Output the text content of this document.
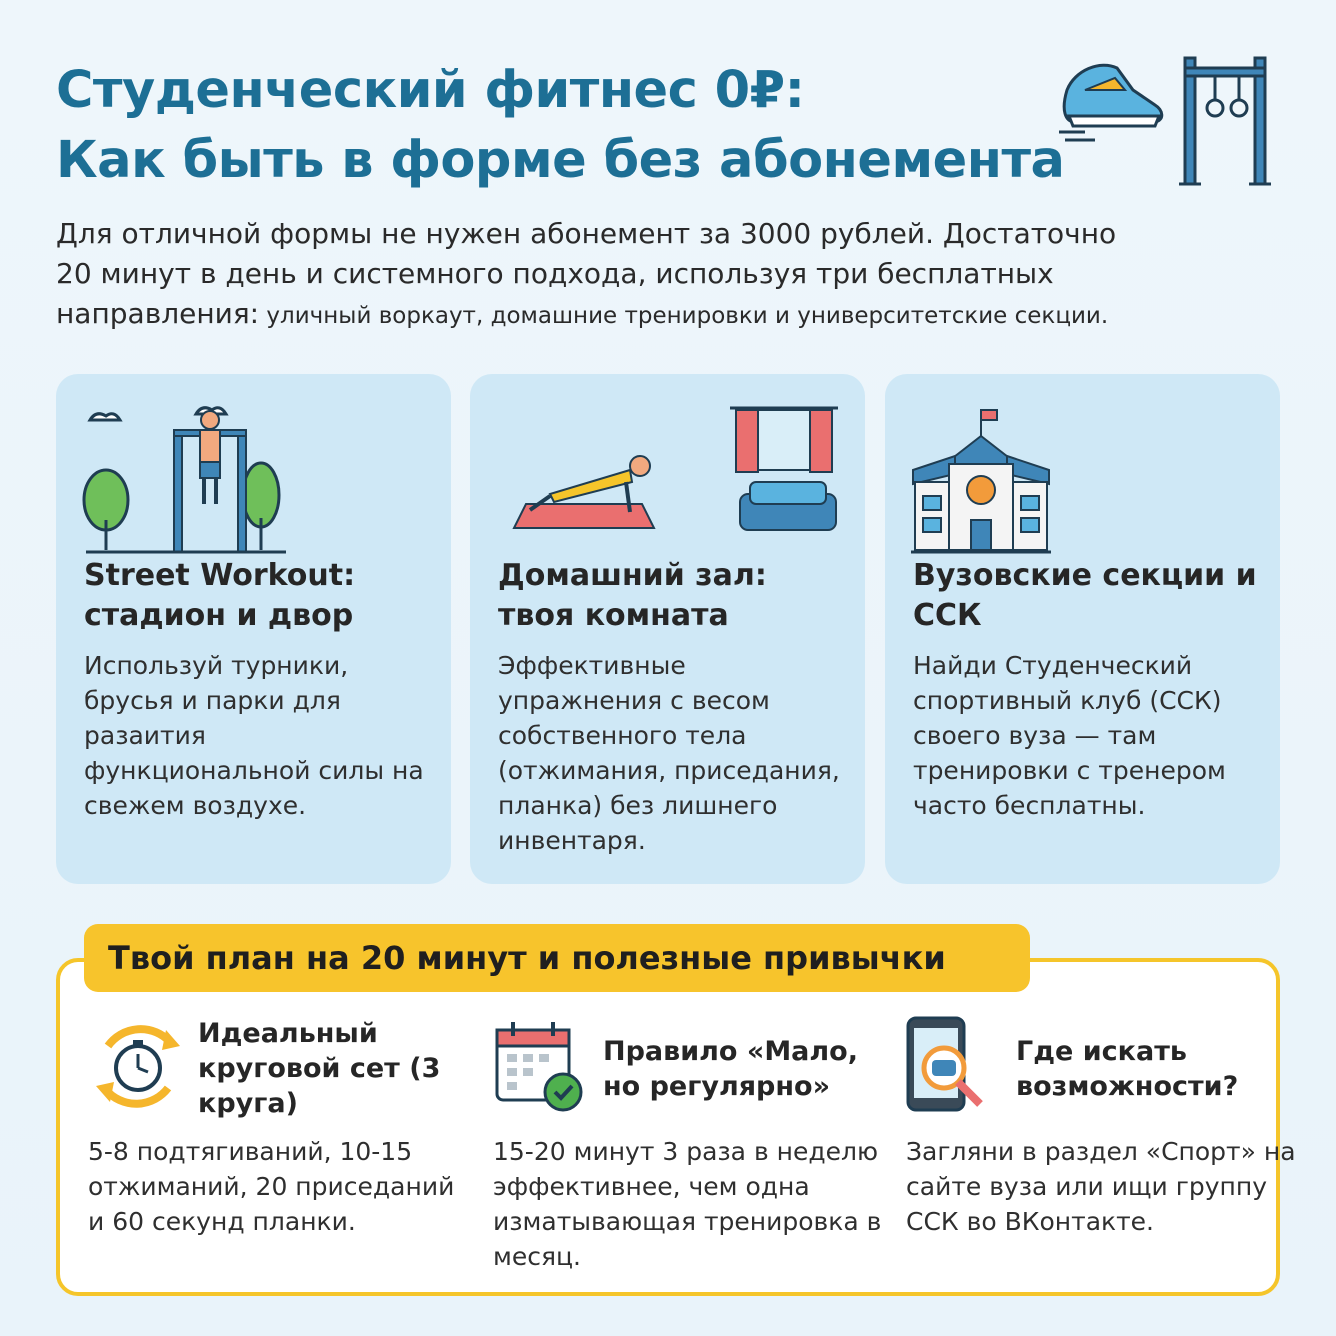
Студенческий фитнес 0₽:
Как быть в форме без абонемента
Для отличной формы не нужен абонемент за 3000 рублей. Достаточно
20 минут в день и системного подхода, используя три бесплатных
направления: уличный воркаут, домашние тренировки и университетские секции.
Street Workout: стадион и двор

Используй турники, брусья и парки для разаития функциональной силы на свежем воздухе.

Домашний зал: твоя комната

Эффективные упражнения с весом собственного тела (отжимания, приседания, планка) без лишнего инвентаря.

Вузовские секции и ССК

Найди Студенческий спортивный клуб (ССК) своего вуза — там тренировки с тренером часто бесплатны.

Твой план на 20 минут и полезные привычки
Идеальный круговой сет (3 круга)

5-8 подтягиваний, 10-15 отжиманий, 20 приседаний и 60 секунд планки.

Правило «Мало, но регулярно»

15-20 минут 3 раза в неделю эффективнее, чем одна изматывающая тренировка в месяц.

Где искать возможности?

Загляни в раздел «Спорт» на сайте вуза или ищи группу ССК во ВКонтакте.
